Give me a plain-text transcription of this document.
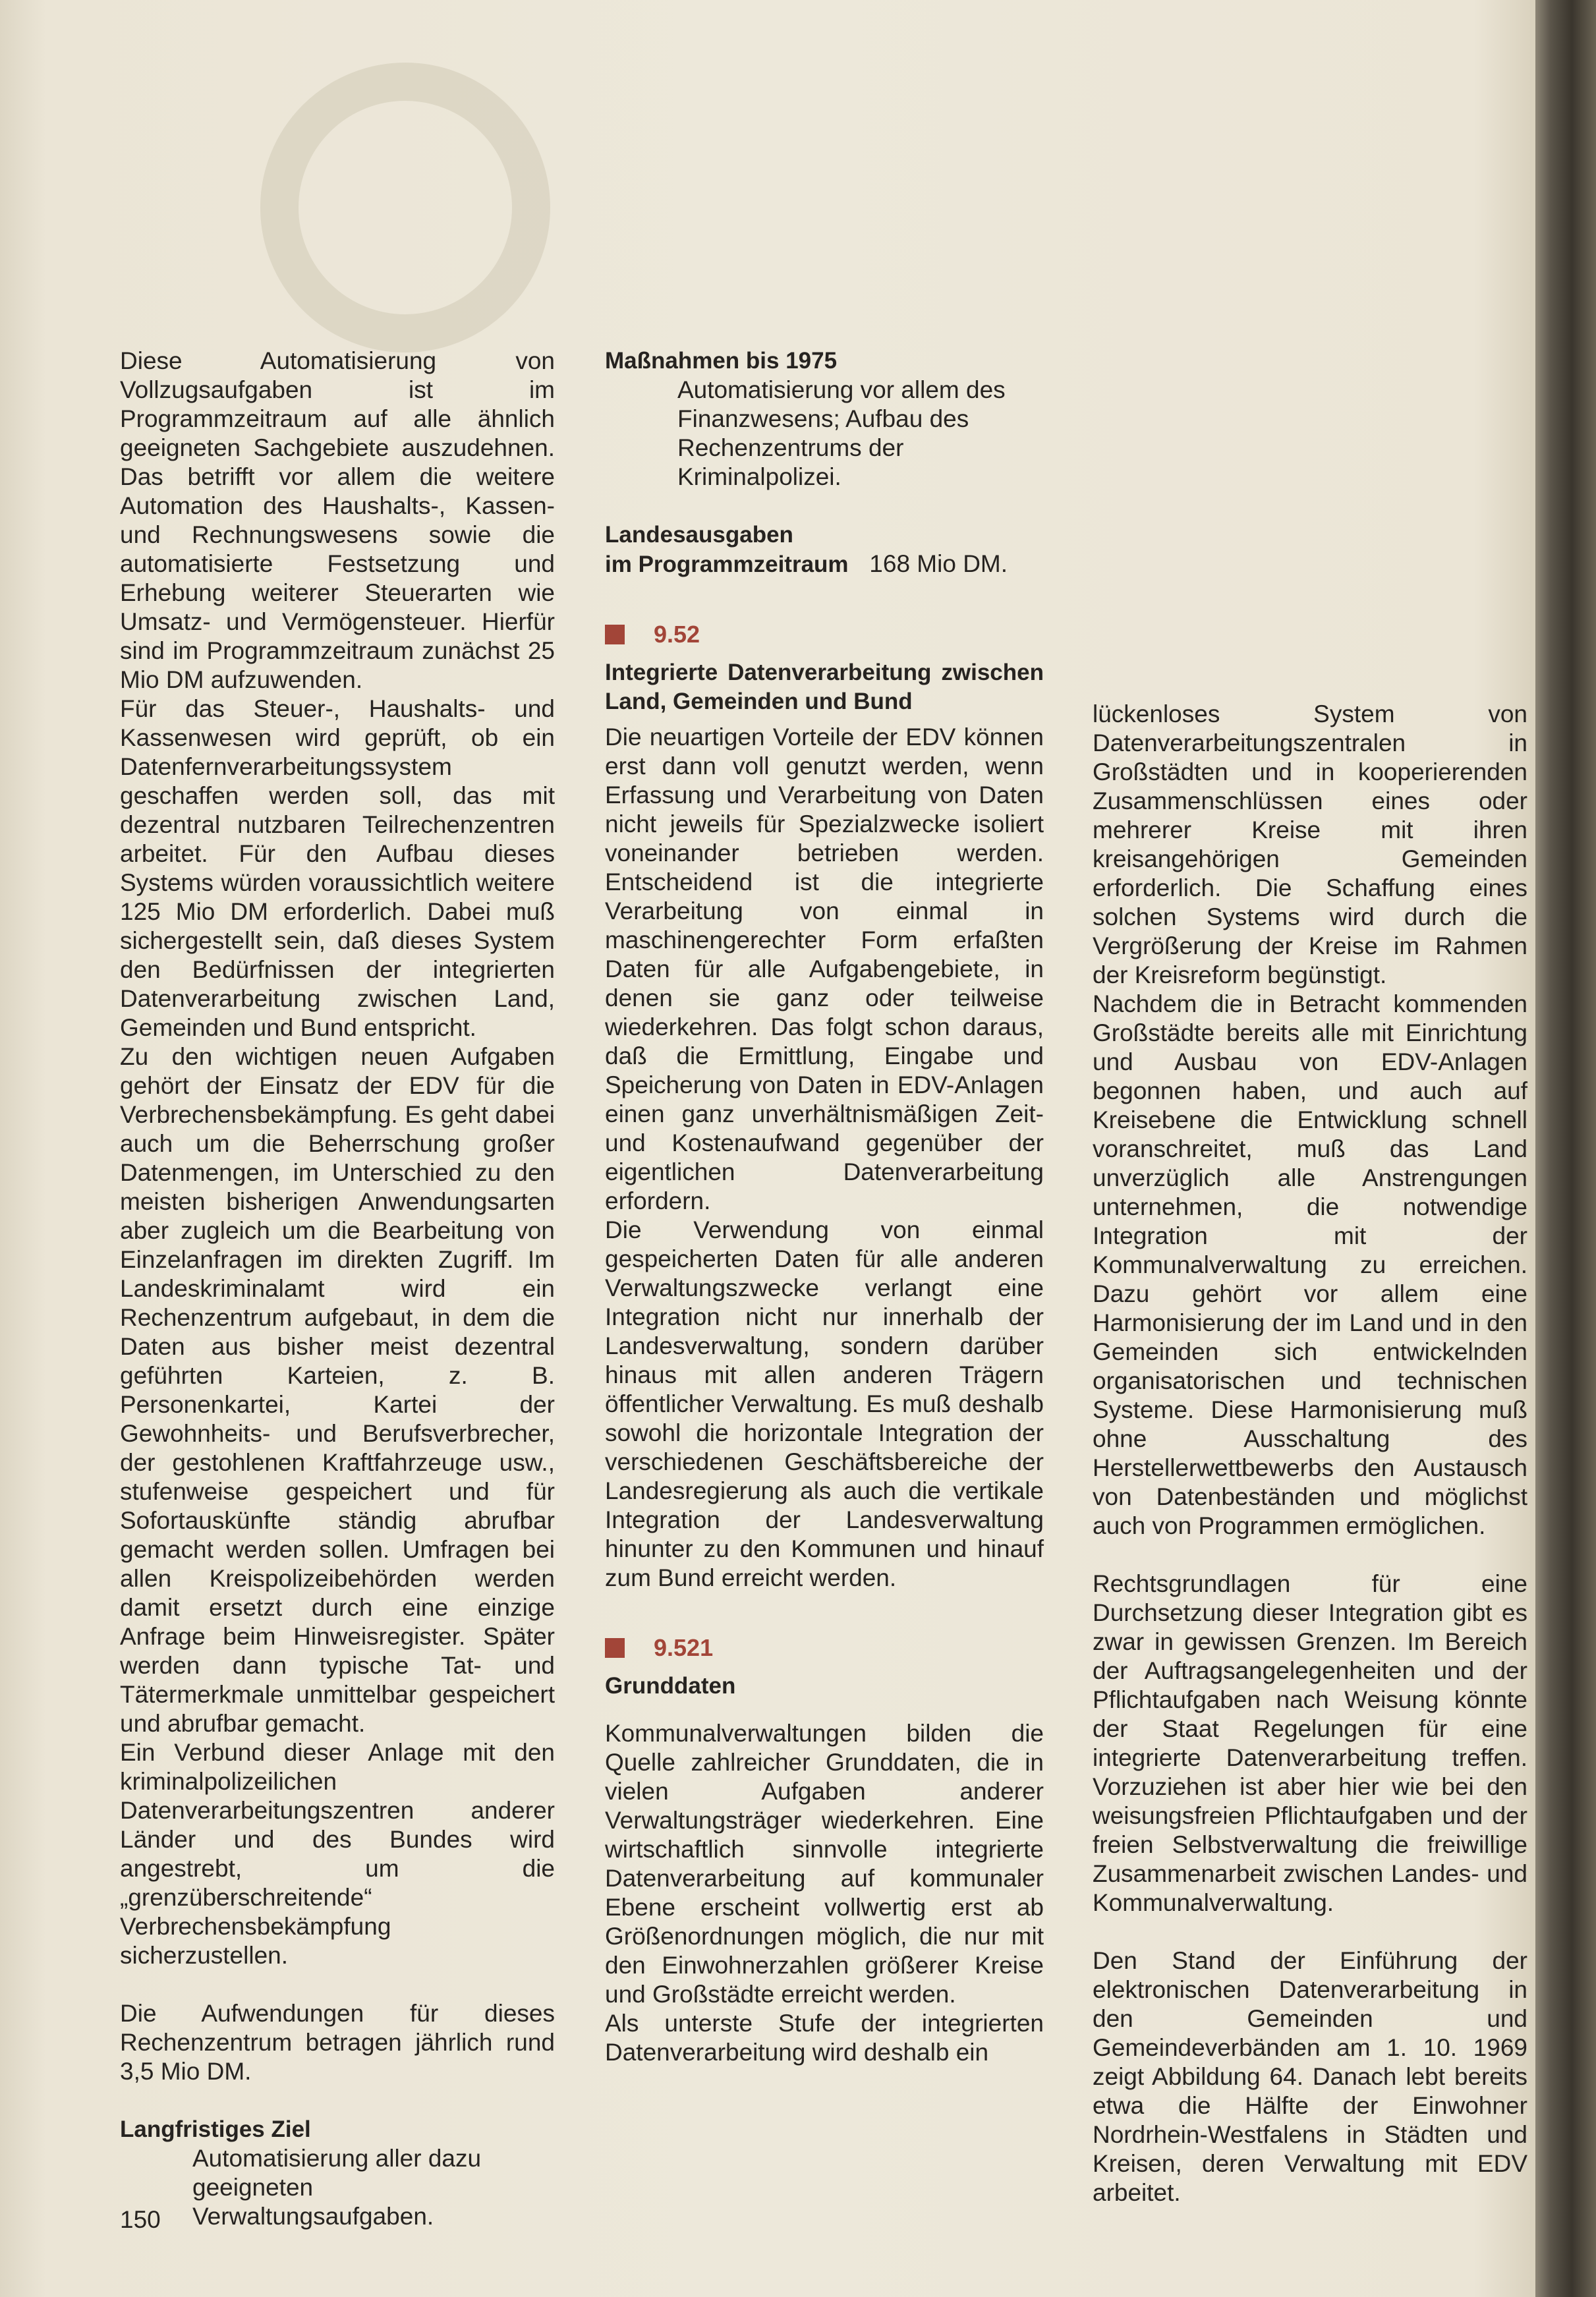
Diese Automatisierung von Vollzugsaufgaben ist im Programmzeitraum auf alle ähnlich geeigneten Sachgebiete auszudehnen. Das betrifft vor allem die weitere Automation des Haushalts-, Kassen- und Rechnungswesens sowie die automatisierte Festsetzung und Erhebung weiterer Steuerarten wie Umsatz- und Vermögensteuer. Hierfür sind im Programmzeitraum zunächst 25 Mio DM aufzuwenden.

Für das Steuer-, Haushalts- und Kassenwesen wird geprüft, ob ein Datenfernverarbeitungssystem geschaffen werden soll, das mit dezentral nutzbaren Teilrechenzentren arbeitet. Für den Aufbau dieses Systems würden voraussichtlich weitere 125 Mio DM erforderlich. Dabei muß sichergestellt sein, daß dieses System den Bedürfnissen der integrierten Datenverarbeitung zwischen Land, Gemeinden und Bund entspricht.

Zu den wichtigen neuen Aufgaben gehört der Einsatz der EDV für die Verbrechensbekämpfung. Es geht dabei auch um die Beherrschung großer Datenmengen, im Unterschied zu den meisten bisherigen Anwendungsarten aber zugleich um die Bearbeitung von Einzelanfragen im direkten Zugriff. Im Landeskriminalamt wird ein Rechenzentrum aufgebaut, in dem die Daten aus bisher meist dezentral geführten Karteien, z. B. Personenkartei, Kartei der Gewohnheits- und Berufsverbrecher, der gestohlenen Kraftfahrzeuge usw., stufenweise gespeichert und für Sofortauskünfte ständig abrufbar gemacht werden sollen. Umfragen bei allen Kreispolizeibehörden werden damit ersetzt durch eine einzige Anfrage beim Hinweisregister. Später werden dann typische Tat- und Tätermerkmale unmittelbar gespeichert und abrufbar gemacht.

Ein Verbund dieser Anlage mit den kriminalpolizeilichen Datenverarbeitungszentren anderer Länder und des Bundes wird angestrebt, um die „grenzüberschreitende“ Verbrechensbekämpfung sicherzustellen.

Die Aufwendungen für dieses Rechenzentrum betragen jährlich rund 3,5 Mio DM.

Langfristiges Ziel

Automatisierung aller dazu geeigneten Verwaltungsaufgaben.

Maßnahmen bis 1975

Automatisierung vor allem des Finanzwesens; Aufbau des Rechenzentrums der Kriminalpolizei.

Landesausgaben
im Programmzeitraum 168 Mio DM.
9.52

Integrierte Datenverarbeitung zwischen Land, Gemeinden und Bund

Die neuartigen Vorteile der EDV können erst dann voll genutzt werden, wenn Erfassung und Verarbeitung von Daten nicht jeweils für Spezialzwecke isoliert voneinander betrieben werden. Entscheidend ist die integrierte Verarbeitung von einmal in maschinengerechter Form erfaßten Daten für alle Aufgabengebiete, in denen sie ganz oder teilweise wiederkehren. Das folgt schon daraus, daß die Ermittlung, Eingabe und Speicherung von Daten in EDV-Anlagen einen ganz unverhältnismäßigen Zeit- und Kostenaufwand gegenüber der eigentlichen Datenverarbeitung erfordern.

Die Verwendung von einmal gespeicherten Daten für alle anderen Verwaltungszwecke verlangt eine Integration nicht nur innerhalb der Landesverwaltung, sondern darüber hinaus mit allen anderen Trägern öffentlicher Verwaltung. Es muß deshalb sowohl die horizontale Integration der verschiedenen Geschäftsbereiche der Landesregierung als auch die vertikale Integration der Landesverwaltung hinunter zu den Kommunen und hinauf zum Bund erreicht werden.

9.521

Grunddaten

Kommunalverwaltungen bilden die Quelle zahlreicher Grunddaten, die in vielen Aufgaben anderer Verwaltungsträger wiederkehren. Eine wirtschaftlich sinnvolle integrierte Datenverarbeitung auf kommunaler Ebene erscheint vollwertig erst ab Größenordnungen möglich, die nur mit den Einwohnerzahlen größerer Kreise und Großstädte erreicht werden.

Als unterste Stufe der integrierten Datenverarbeitung wird deshalb ein

lückenloses System von Datenverarbeitungszentralen in Großstädten und in kooperierenden Zusammenschlüssen eines oder mehrerer Kreise mit ihren kreisangehörigen Gemeinden erforderlich. Die Schaffung eines solchen Systems wird durch die Vergrößerung der Kreise im Rahmen der Kreisreform begünstigt.

Nachdem die in Betracht kommenden Großstädte bereits alle mit Einrichtung und Ausbau von EDV-Anlagen begonnen haben, und auch auf Kreisebene die Entwicklung schnell voranschreitet, muß das Land unverzüglich alle Anstrengungen unternehmen, die notwendige Integration mit der Kommunalverwaltung zu erreichen. Dazu gehört vor allem eine Harmonisierung der im Land und in den Gemeinden sich entwickelnden organisatorischen und technischen Systeme. Diese Harmonisierung muß ohne Ausschaltung des Herstellerwettbewerbs den Austausch von Datenbeständen und möglichst auch von Programmen ermöglichen.

Rechtsgrundlagen für eine Durchsetzung dieser Integration gibt es zwar in gewissen Grenzen. Im Bereich der Auftragsangelegenheiten und der Pflichtaufgaben nach Weisung könnte der Staat Regelungen für eine integrierte Datenverarbeitung treffen. Vorzuziehen ist aber hier wie bei den weisungsfreien Pflichtaufgaben und der freien Selbstverwaltung die freiwillige Zusammenarbeit zwischen Landes- und Kommunalverwaltung.

Den Stand der Einführung der elektronischen Datenverarbeitung in den Gemeinden und Gemeindeverbänden am 1. 10. 1969 zeigt Abbildung 64. Danach lebt bereits etwa die Hälfte der Einwohner Nordrhein-Westfalens in Städten und Kreisen, deren Verwaltung mit EDV arbeitet.

150
